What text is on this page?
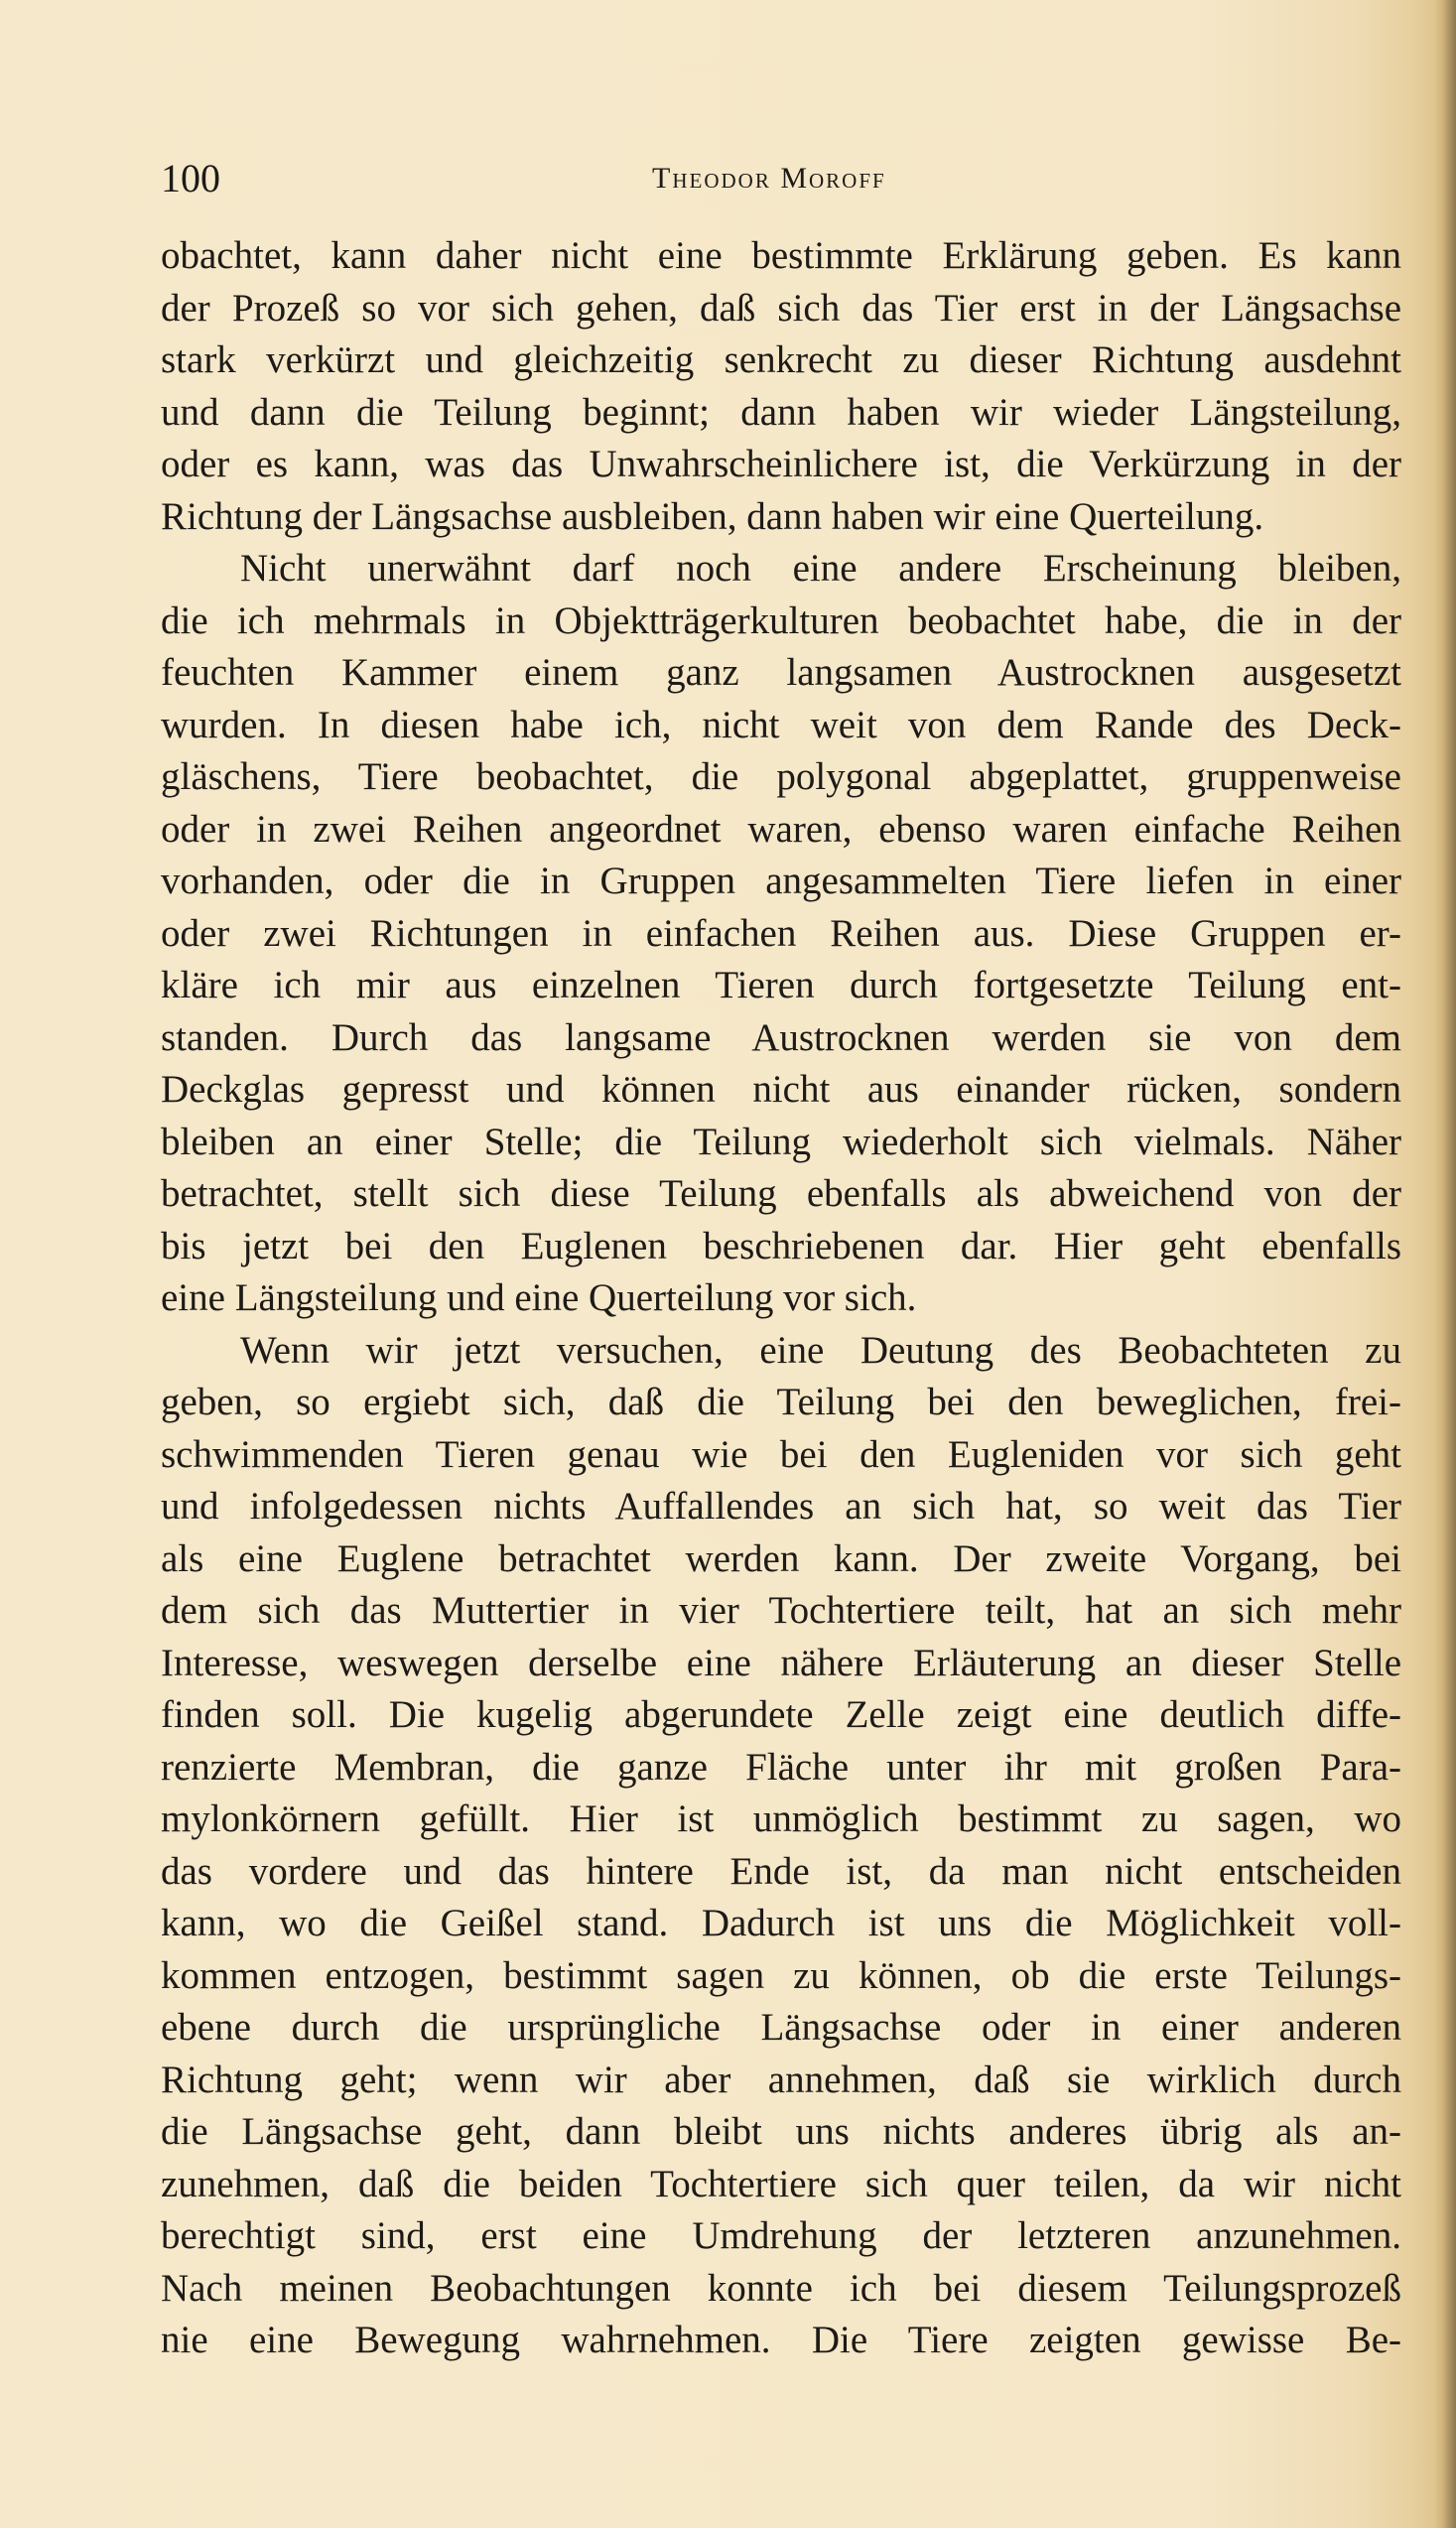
100	Theodor Moroff
obachtet, kann daher nicht eine bestimmte Erklärung geben. Es kann
der Prozeß so vor sich gehen, daß sich das Tier erst in der Längsachse
stark verkürzt und gleichzeitig senkrecht zu dieser Richtung ausdehnt
und dann die Teilung beginnt; dann haben wir wieder Längsteilung,
oder es kann, was das Unwahrscheinlichere ist, die Verkürzung in der
Richtung der Längsachse ausbleiben, dann haben wir eine Querteilung.
Nicht unerwähnt darf noch eine andere Erscheinung bleiben,
die ich mehrmals in Objektträgerkulturen beobachtet habe, die in der
feuchten Kammer einem ganz langsamen Austrocknen ausgesetzt
wurden. In diesen habe ich, nicht weit von dem Rande des Deck-
gläschens, Tiere beobachtet, die polygonal abgeplattet, gruppenweise
oder in zwei Reihen angeordnet waren, ebenso waren einfache Reihen
vorhanden, oder die in Gruppen angesammelten Tiere liefen in einer
oder zwei Richtungen in einfachen Reihen aus. Diese Gruppen er-
kläre ich mir aus einzelnen Tieren durch fortgesetzte Teilung ent-
standen. Durch das langsame Austrocknen werden sie von dem
Deckglas gepresst und können nicht aus einander rücken, sondern
bleiben an einer Stelle; die Teilung wiederholt sich vielmals. Näher
betrachtet, stellt sich diese Teilung ebenfalls als abweichend von der
bis jetzt bei den Euglenen beschriebenen dar. Hier geht ebenfalls
eine Längsteilung und eine Querteilung vor sich.
Wenn wir jetzt versuchen, eine Deutung des Beobachteten zu
geben, so ergiebt sich, daß die Teilung bei den beweglichen, frei-
schwimmenden Tieren genau wie bei den Eugleniden vor sich geht
und infolgedessen nichts Auffallendes an sich hat, so weit das Tier
als eine Euglene betrachtet werden kann. Der zweite Vorgang, bei
dem sich das Muttertier in vier Tochtertiere teilt, hat an sich mehr
Interesse, weswegen derselbe eine nähere Erläuterung an dieser Stelle
finden soll. Die kugelig abgerundete Zelle zeigt eine deutlich diffe-
renzierte Membran, die ganze Fläche unter ihr mit großen Para-
mylonkörnern gefüllt. Hier ist unmöglich bestimmt zu sagen, wo
das vordere und das hintere Ende ist, da man nicht entscheiden
kann, wo die Geißel stand. Dadurch ist uns die Möglichkeit voll-
kommen entzogen, bestimmt sagen zu können, ob die erste Teilungs-
ebene durch die ursprüngliche Längsachse oder in einer anderen
Richtung geht; wenn wir aber annehmen, daß sie wirklich durch
die Längsachse geht, dann bleibt uns nichts anderes übrig als an-
zunehmen, daß die beiden Tochtertiere sich quer teilen, da wir nicht
berechtigt sind, erst eine Umdrehung der letzteren anzunehmen.
Nach meinen Beobachtungen konnte ich bei diesem Teilungsprozeß
nie eine Bewegung wahrnehmen. Die Tiere zeigten gewisse Be-
